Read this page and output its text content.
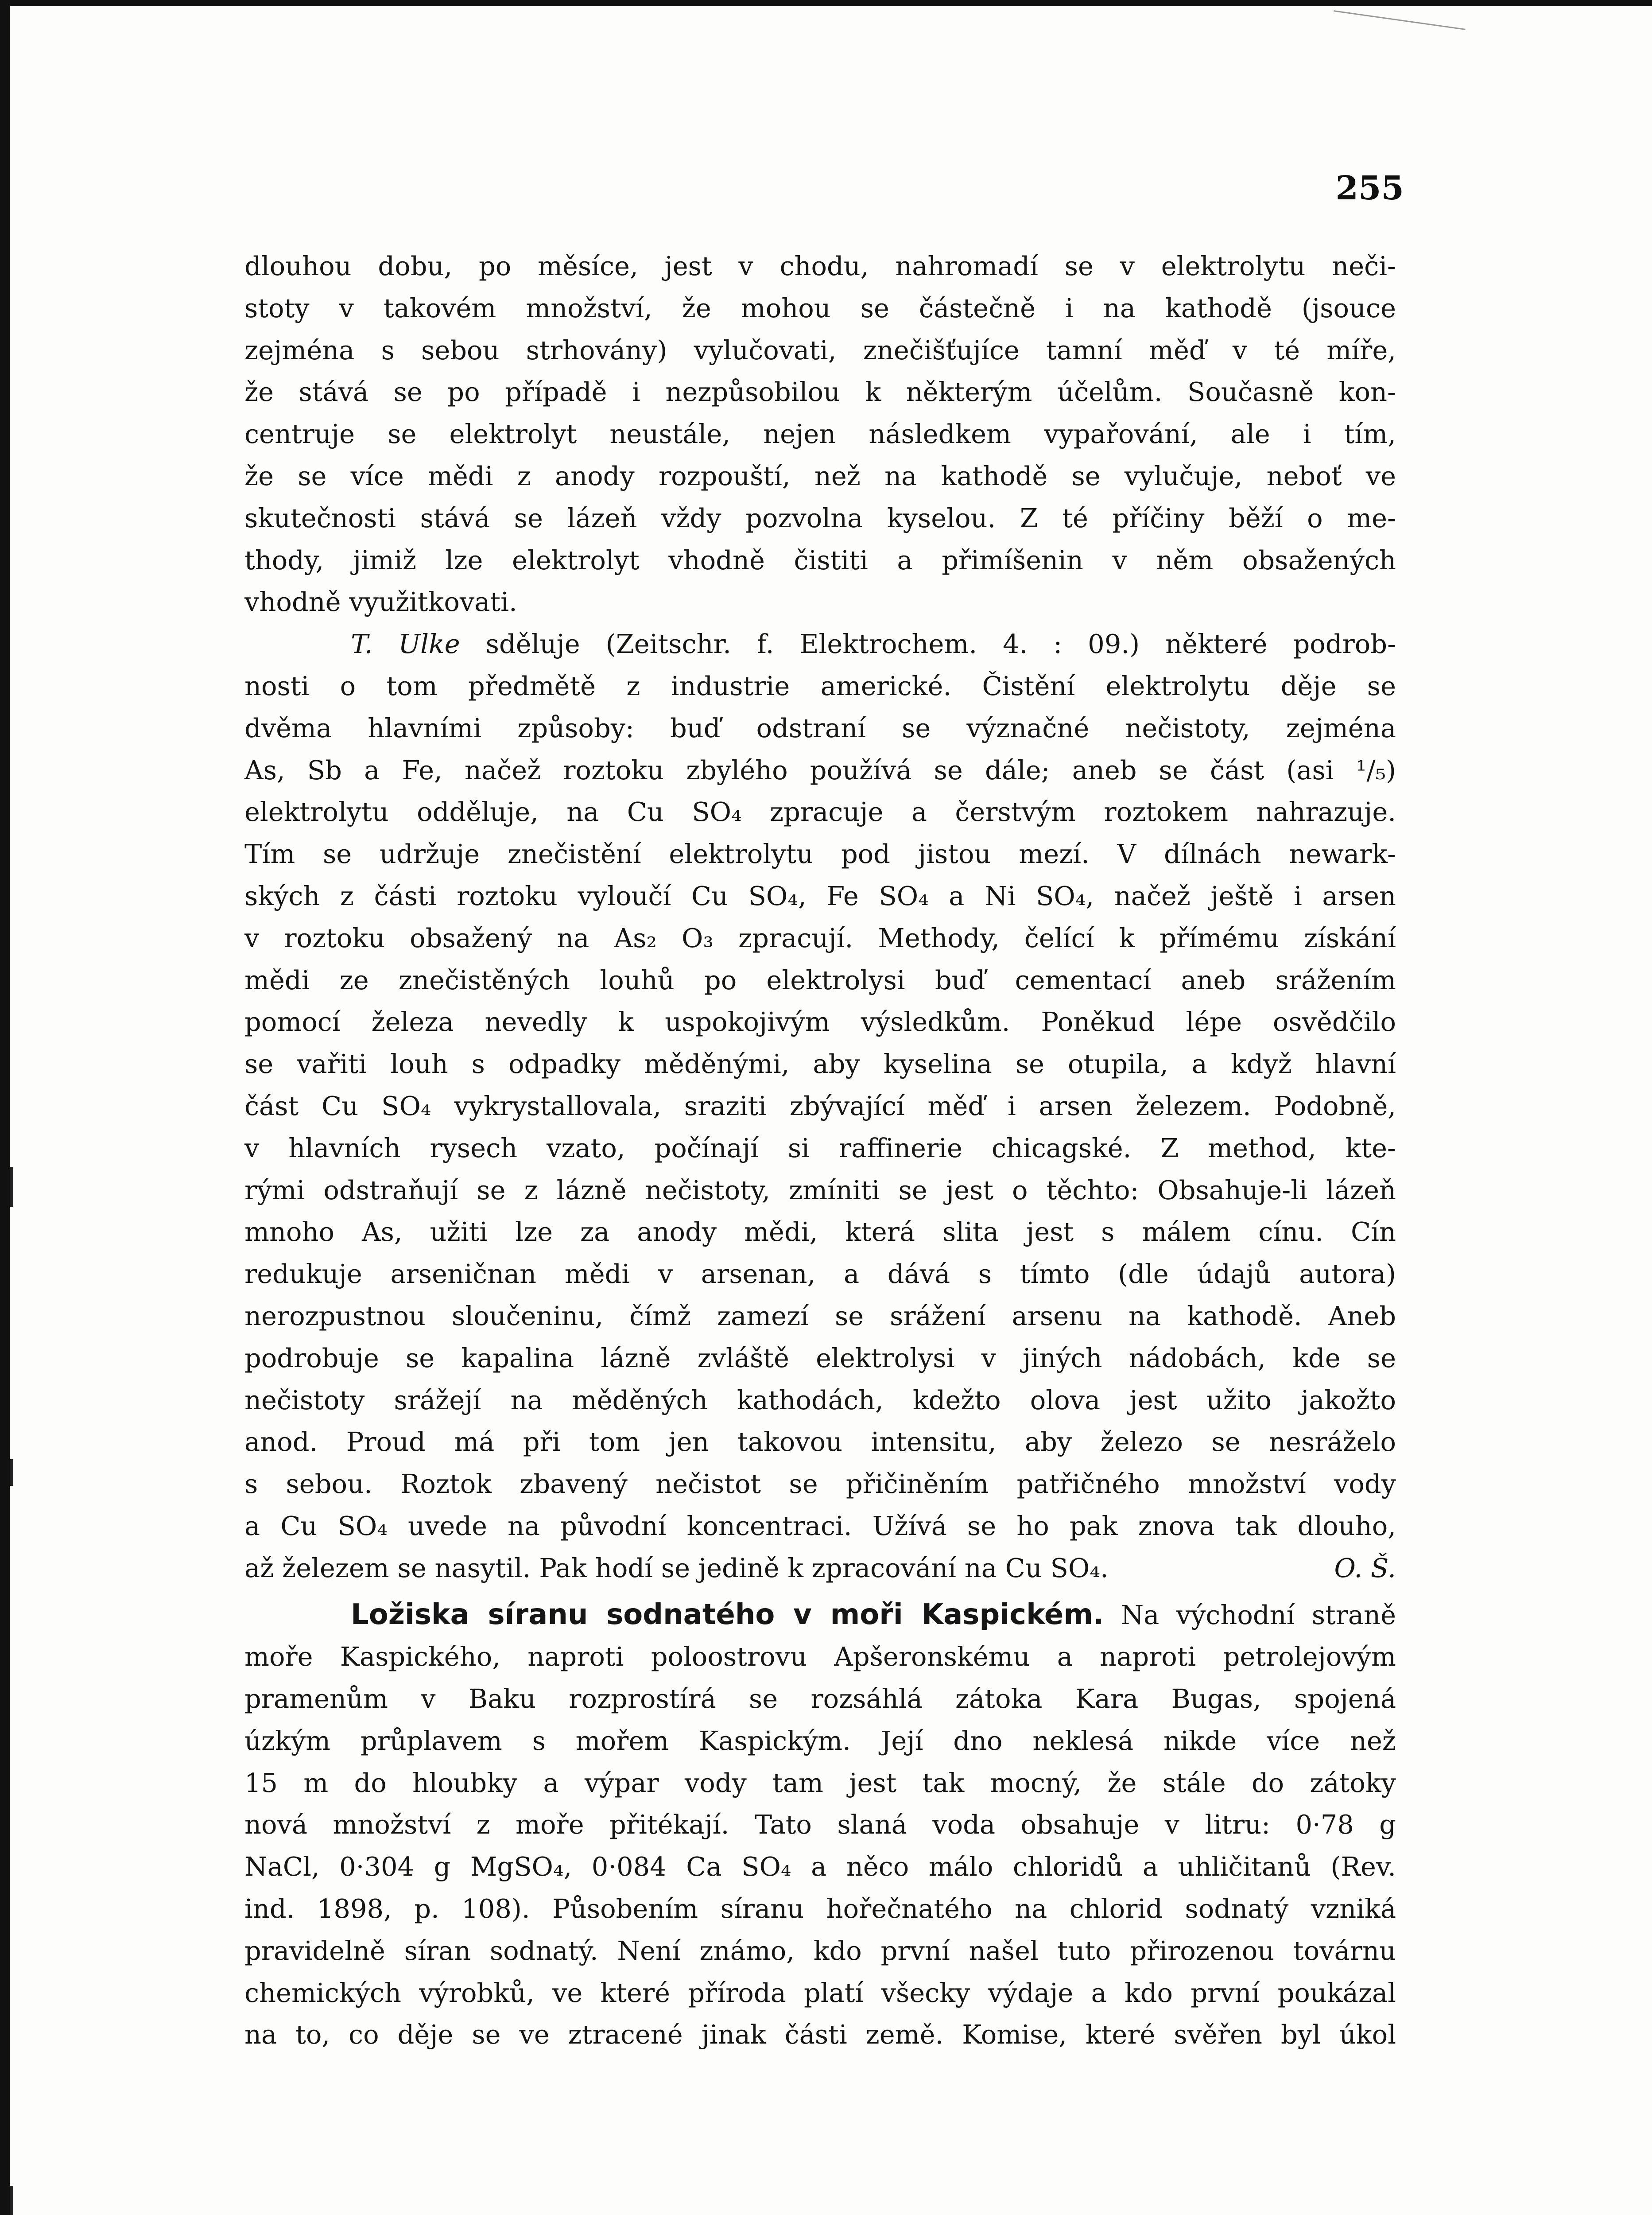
255

dlouhou dobu, po měsíce, jest v chodu, nahromadí se v elektrolytu neči-

stoty v takovém množství, že mohou se částečně i na kathodě (jsouce

zejména s sebou strhovány) vylučovati, znečišťujíce tamní měď v té míře,

že stává se po případě i nezpůsobilou k některým účelům. Současně kon-

centruje se elektrolyt neustále, nejen následkem vypařování, ale i tím,

že se více mědi z anody rozpouští, než na kathodě se vylučuje, neboť ve

skutečnosti stává se lázeň vždy pozvolna kyselou. Z té příčiny běží o me-

thody, jimiž lze elektrolyt vhodně čistiti a přimíšenin v něm obsažených

vhodně využitkovati.

T. Ulke sděluje (Zeitschr. f. Elektrochem. 4. : 09.) některé podrob-

nosti o tom předmětě z industrie americké. Čistění elektrolytu děje se

dvěma hlavními způsoby: buď odstraní se význačné nečistoty, zejména

As, Sb a Fe, načež roztoku zbylého používá se dále; aneb se část (asi ¹/₅)

elektrolytu odděluje, na Cu SO₄ zpracuje a čerstvým roztokem nahrazuje.

Tím se udržuje znečistění elektrolytu pod jistou mezí. V dílnách newark-

ských z části roztoku vyloučí Cu SO₄, Fe SO₄ a Ni SO₄, načež ještě i arsen

v roztoku obsažený na As₂ O₃ zpracují. Methody, čelící k přímému získání

mědi ze znečistěných louhů po elektrolysi buď cementací aneb srážením

pomocí železa nevedly k uspokojivým výsledkům. Poněkud lépe osvědčilo

se vařiti louh s odpadky měděnými, aby kyselina se otupila, a když hlavní

část Cu SO₄ vykrystallovala, sraziti zbývající měď i arsen železem. Podobně,

v hlavních rysech vzato, počínají si raffinerie chicagské. Z method, kte-

rými odstraňují se z lázně nečistoty, zmíniti se jest o těchto: Obsahuje-li lázeň

mnoho As, užiti lze za anody mědi, která slita jest s málem cínu. Cín

redukuje arseničnan mědi v arsenan, a dává s tímto (dle údajů autora)

nerozpustnou sloučeninu, čímž zamezí se srážení arsenu na kathodě. Aneb

podrobuje se kapalina lázně zvláště elektrolysi v jiných nádobách, kde se

nečistoty srážejí na měděných kathodách, kdežto olova jest užito jakožto

anod. Proud má při tom jen takovou intensitu, aby železo se nesráželo

s sebou. Roztok zbavený nečistot se přičiněním patřičného množství vody

a Cu SO₄ uvede na původní koncentraci. Užívá se ho pak znova tak dlouho,

až železem se nasytil. Pak hodí se jedině k zpracování na Cu SO₄.	O. Š.

Ložiska síranu sodnatého v moři Kaspickém. Na východní straně

moře Kaspického, naproti poloostrovu Apšeronskému a naproti petrolejovým

pramenům v Baku rozprostírá se rozsáhlá zátoka Kara Bugas, spojená

úzkým průplavem s mořem Kaspickým. Její dno neklesá nikde více než

15 m do hloubky a výpar vody tam jest tak mocný, že stále do zátoky

nová množství z moře přitékají. Tato slaná voda obsahuje v litru: 0·78 g

NaCl, 0·304 g MgSO₄, 0·084 Ca SO₄ a něco málo chloridů a uhličitanů (Rev.

ind. 1898, p. 108). Působením síranu hořečnatého na chlorid sodnatý vzniká

pravidelně síran sodnatý. Není známo, kdo první našel tuto přirozenou továrnu

chemických výrobků, ve které příroda platí všecky výdaje a kdo první poukázal

na to, co děje se ve ztracené jinak části země. Komise, které svěřen byl úkol
